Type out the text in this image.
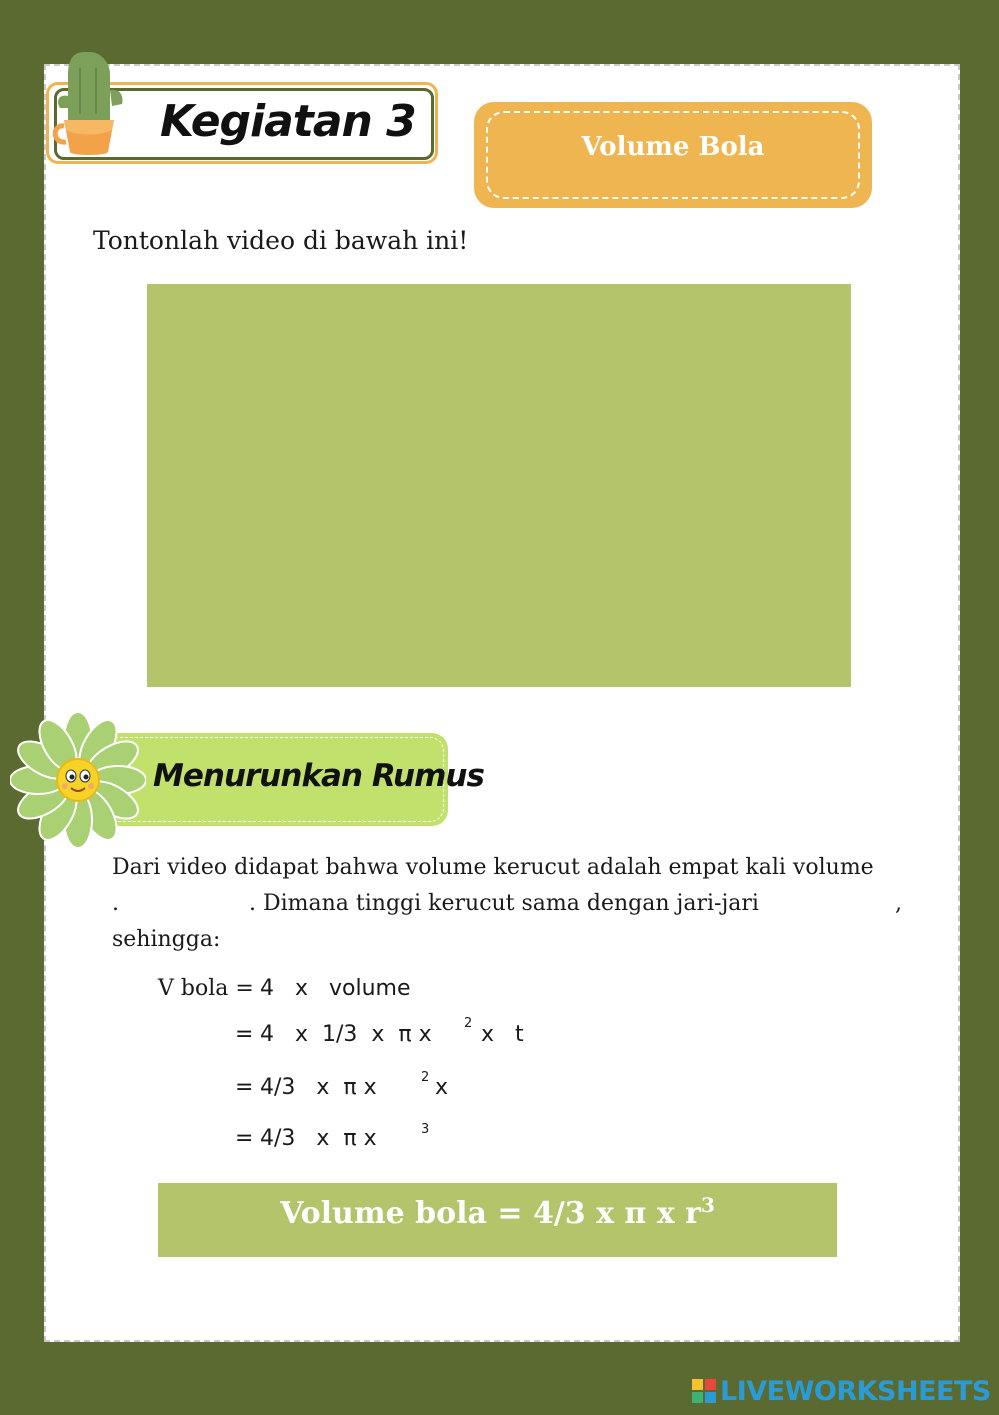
Kegiatan 3	Volume Bola
Tontonlah video di bawah ini!
Menurunkan Rumus
Dari video didapat bahwa volume kerucut adalah empat kali volume
.	. Dimana tinggi kerucut sama dengan jari-jari	,
sehingga:
V bola = 4   x   volume
= 4   x  1/3  x  π x 2 x   t
= 4/3   x  π x	2 x
= 4/3   x  π x	3
Volume bola = 4/3 x π x $r^3$
LIVEWORKSHEETS
